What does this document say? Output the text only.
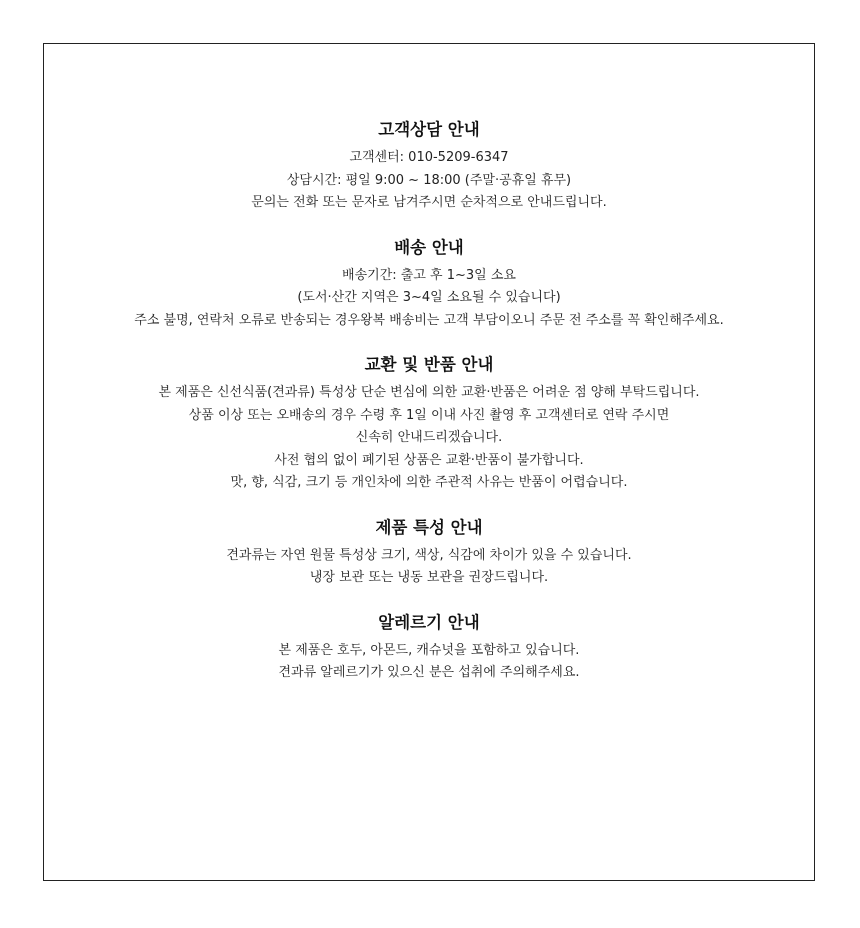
고객상담 안내

고객센터: 010-5209-6347

상담시간: 평일 9:00 ~ 18:00 (주말·공휴일 휴무)

문의는 전화 또는 문자로 남겨주시면 순차적으로 안내드립니다.

배송 안내

배송기간: 출고 후 1~3일 소요

(도서·산간 지역은 3~4일 소요될 수 있습니다)

주소 불명, 연락처 오류로 반송되는 경우왕복 배송비는 고객 부담이오니 주문 전 주소를 꼭 확인해주세요.

교환 및 반품 안내

본 제품은 신선식품(견과류) 특성상 단순 변심에 의한 교환·반품은 어려운 점 양해 부탁드립니다.

상품 이상 또는 오배송의 경우 수령 후 1일 이내 사진 촬영 후 고객센터로 연락 주시면

신속히 안내드리겠습니다.

사전 협의 없이 폐기된 상품은 교환·반품이 불가합니다.

맛, 향, 식감, 크기 등 개인차에 의한 주관적 사유는 반품이 어렵습니다.

제품 특성 안내

견과류는 자연 원물 특성상 크기, 색상, 식감에 차이가 있을 수 있습니다.

냉장 보관 또는 냉동 보관을 권장드립니다.

알레르기 안내

본 제품은 호두, 아몬드, 캐슈넛을 포함하고 있습니다.

견과류 알레르기가 있으신 분은 섭취에 주의해주세요.
